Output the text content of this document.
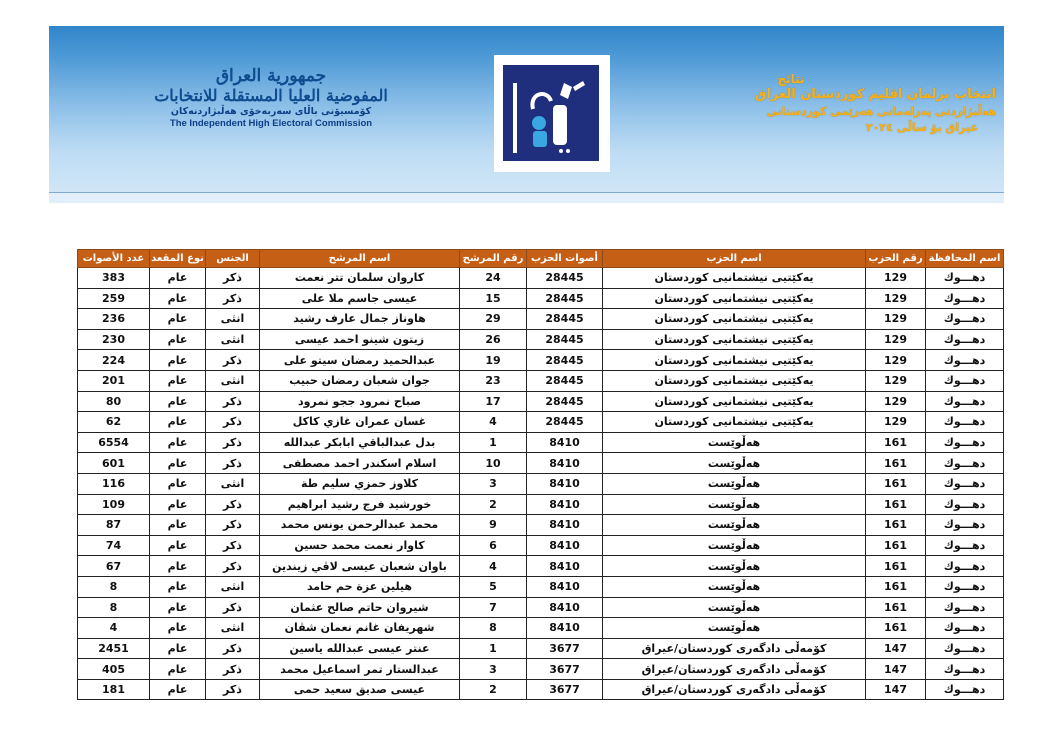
جمهورية العراق
المفوضية العليا المستقلة للانتخابات
كۆمسیۆنی باڵای سەربەخۆی هەڵبژاردنەكان
The Independent High Electoral Commission
نتائج
انتخاب برلمان اقليم كوردستان العراق
هەڵبژاردنی پەرلەمانی هەرێمی كوردستانی
عیراق بۆ ساڵی ٢٠٢٤
اسم المحافظة	رقم الحزب	اسم الحزب	أصوات الحزب	رقم المرشح	اسم المرشح	الجنس	نوع المقعد	عدد الأصوات
دهـــوك	129	يەكێتیی نیشتمانیی كوردستان	28445	24	كاروان سلمان تتر نعمت	ذكر	عام	383
دهـــوك	129	يەكێتیی نیشتمانیی كوردستان	28445	15	عيسى جاسم ملا على	ذكر	عام	259
دهـــوك	129	يەكێتیی نیشتمانیی كوردستان	28445	29	هاوناز جمال عارف رشيد	انثى	عام	236
دهـــوك	129	يەكێتیی نیشتمانیی كوردستان	28445	26	زيتون شينو احمد عيسى	انثى	عام	230
دهـــوك	129	يەكێتیی نیشتمانیی كوردستان	28445	19	عبدالحميد رمضان سيتو على	ذكر	عام	224
دهـــوك	129	يەكێتیی نیشتمانیی كوردستان	28445	23	جوان شعبان رمضان حبيب	انثى	عام	201
دهـــوك	129	يەكێتیی نیشتمانیی كوردستان	28445	17	صباح نمرود ججو نمرود	ذكر	عام	80
دهـــوك	129	يەكێتیی نیشتمانیی كوردستان	28445	4	غسان عمران غازي كاكل	ذكر	عام	62
دهـــوك	161	هەڵوێست	8410	1	بدل عبدالباقي ابابكر عبدالله	ذكر	عام	6554
دهـــوك	161	هەڵوێست	8410	10	اسلام اسكندر احمد مصطفى	ذكر	عام	601
دهـــوك	161	هەڵوێست	8410	3	كلاوز حمزي سليم طة	انثى	عام	116
دهـــوك	161	هەڵوێست	8410	2	خورشيد فرج رشيد ابراهيم	ذكر	عام	109
دهـــوك	161	هەڵوێست	8410	9	محمد عبدالرحمن يونس محمد	ذكر	عام	87
دهـــوك	161	هەڵوێست	8410	6	كاوار نعمت محمد حسين	ذكر	عام	74
دهـــوك	161	هەڵوێست	8410	4	باوان شعبان عيسى لاڤي زيندين	ذكر	عام	67
دهـــوك	161	هەڵوێست	8410	5	هيلين عزة حم حامد	انثى	عام	8
دهـــوك	161	هەڵوێست	8410	7	شيروان حاتم صالح عثمان	ذكر	عام	8
دهـــوك	161	هەڵوێست	8410	8	شهريفان غانم نعمان شڤان	انثى	عام	4
دهـــوك	147	كۆمەڵی دادگەری كوردستان/عیراق	3677	1	عنتر عيسى عبدالله ياسين	ذكر	عام	2451
دهـــوك	147	كۆمەڵی دادگەری كوردستان/عیراق	3677	3	عبدالستار تمر اسماعيل محمد	ذكر	عام	405
دهـــوك	147	كۆمەڵی دادگەری كوردستان/عیراق	3677	2	عيسى صديق سعيد حمى	ذكر	عام	181
